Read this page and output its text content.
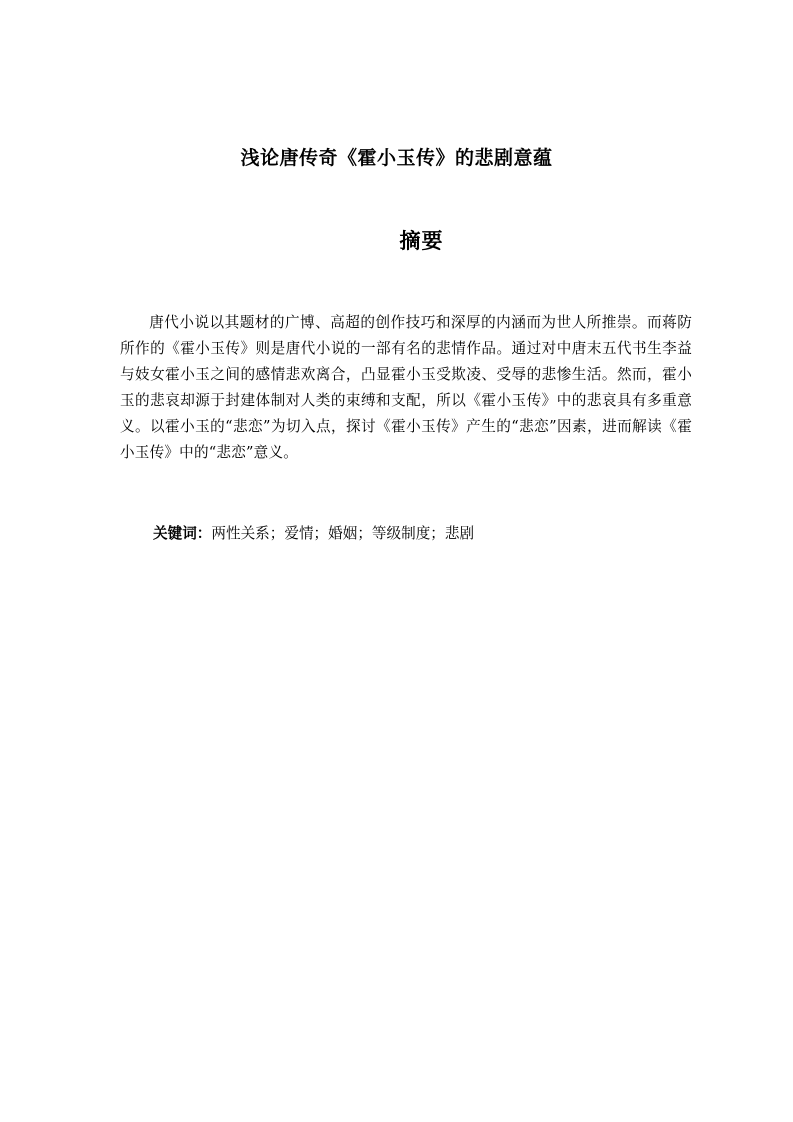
浅论唐传奇《霍小玉传》的悲剧意蕴
摘要
唐代小说以其题材的广博、高超的创作技巧和深厚的内涵而为世人所推崇。而蒋防所作的《霍小玉传》则是唐代小说的一部有名的悲情作品。通过对中唐末五代书生李益与妓女霍小玉之间的感情悲欢离合，凸显霍小玉受欺凌、受辱的悲惨生活。然而，霍小玉的悲哀却源于封建体制对人类的束缚和支配，所以《霍小玉传》中的悲哀具有多重意义。以霍小玉的“悲恋”为切入点，探讨《霍小玉传》产生的“悲恋”因素，进而解读《霍小玉传》中的“悲恋”意义。
关键词：两性关系；爱情；婚姻；等级制度；悲剧
